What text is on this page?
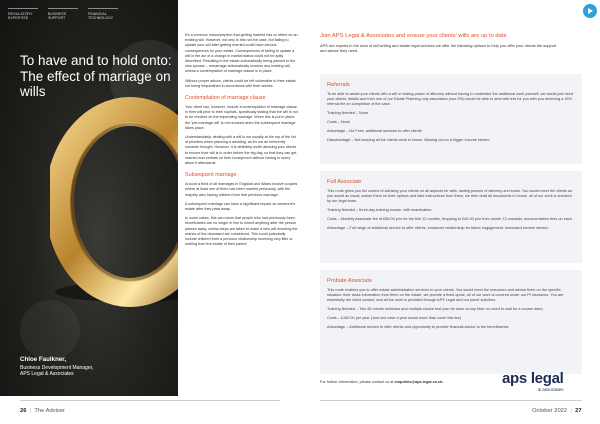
REGULATORY EXPERTISE
BUSINESS SUPPORT
FINANCIAL TECHNOLOGY
To have and to hold onto: The effect of marriage on wills
Chloe Faulkner,
Business Development Manager,
APS Legal & Associates

It's a common misconception that getting married has no effect on an existing will. However, not only is this not the case, but failing to update your will after getting married could have serious consequences for your estate. Consequences of failing to update a will in the act of a change in marital status could not be aptly described. Resulting in the estate automatically being passed to the new spouse – remarriage automatically revokes any existing will, unless a contemplation of marriage clause is in place.

Without proper advice, clients could be left vulnerable to their estate not being bequeathed in accordance with their wishes.

Contemplation of marriage clause

Your client can, however, include a contemplation of marriage clause in their will prior to their nuptials, specifically stating that the will is not to be revoked on the impending marriage. When this is put in place, the 'pre-marriage will' is not revoked when the subsequent marriage takes place.

Understandably, dealing with a will is not usually at the top of the list of priorities when planning a wedding, as it's not an inherently romantic thought. However, it is definitely worth advising your clients to ensure their will is in order before the big day, so that they can get married and embark on their honeymoon without having to worry about it afterwards.

Subsequent marriage

Around a third of all marriages in England and Wales involve couples where at least one of them has been married previously, with the majority also having children from that previous marriage.

A subsequent marriage can have a significant impact on someone's estate after they pass away.

In some cases, this can mean that people who had previously been beneficiaries are no longer in line to inherit anything after the person passes away, unless steps are taken to make a new will ensuring the wishes of the deceased are considered. This could potentially include children from a previous relationship receiving very little or nothing from the estate of their parent.

Join APS Legal & Associates and ensure your clients' wills are up to date

APS are experts in the area of will writing and estate legal services we offer the following options to help you offer your clients the support and advice they need.

Referrals

To be able to assist your clients with a will or lasting power of attorney without having to undertake the additional work yourself, we would just need your clients' details and then one of our Estate Planning only associates (non-IFA) would be able to deal with this for you with you receiving a 15% referral fee on completion of the case.

Training Needed – None

Costs – None

Advantage – No Fees, additional services to offer clients

Disadvantage – Not keeping all the clients work in house. Missing out on a bigger income stream

Full Associate

This route gives you full control of advising your clients on all aspects for wills, lasting powers of attorney and trusts. You would meet the clients as you would as usual, advise them on their options and take instructions from them, we then draft all documents in house, all of our work is checked by our legal team.

Training Needed – three-day training course, with examination.

Costs – Monthly Associate fee of £85.00 p/m for the first 12 months, dropping to £40.00 p/m from month 13 onwards, documentation fees on each

Advantage – Full range of additional service to offer clients, enhances relationship for future engagement. Increased income stream.

Probate Associate

This route enables you to offer estate administration services to your clients. You would meet the executors and advise them on the specific situation: their tasks information from them on the estate, we provide a fixed quote, all of our work is covered under our PI insurance. You are essentially the client contact, and all the work is provided through APS Legal and our panel solicitors.

Training Needed – Two 45-minute webinars and multiple-choice test (can be done at any time; no need to wait for a course date)

Costs – £150.00 per year (Just one case a year would more than cover this fee)

Advantage – Additional service to offer clients and opportunity to provide financial advice to the beneficiaries

For further information, please contact us at enquiries@aps-legal.co.uk.	aps legal
& associates
26  |  The Adviser	October 2022  |  27
